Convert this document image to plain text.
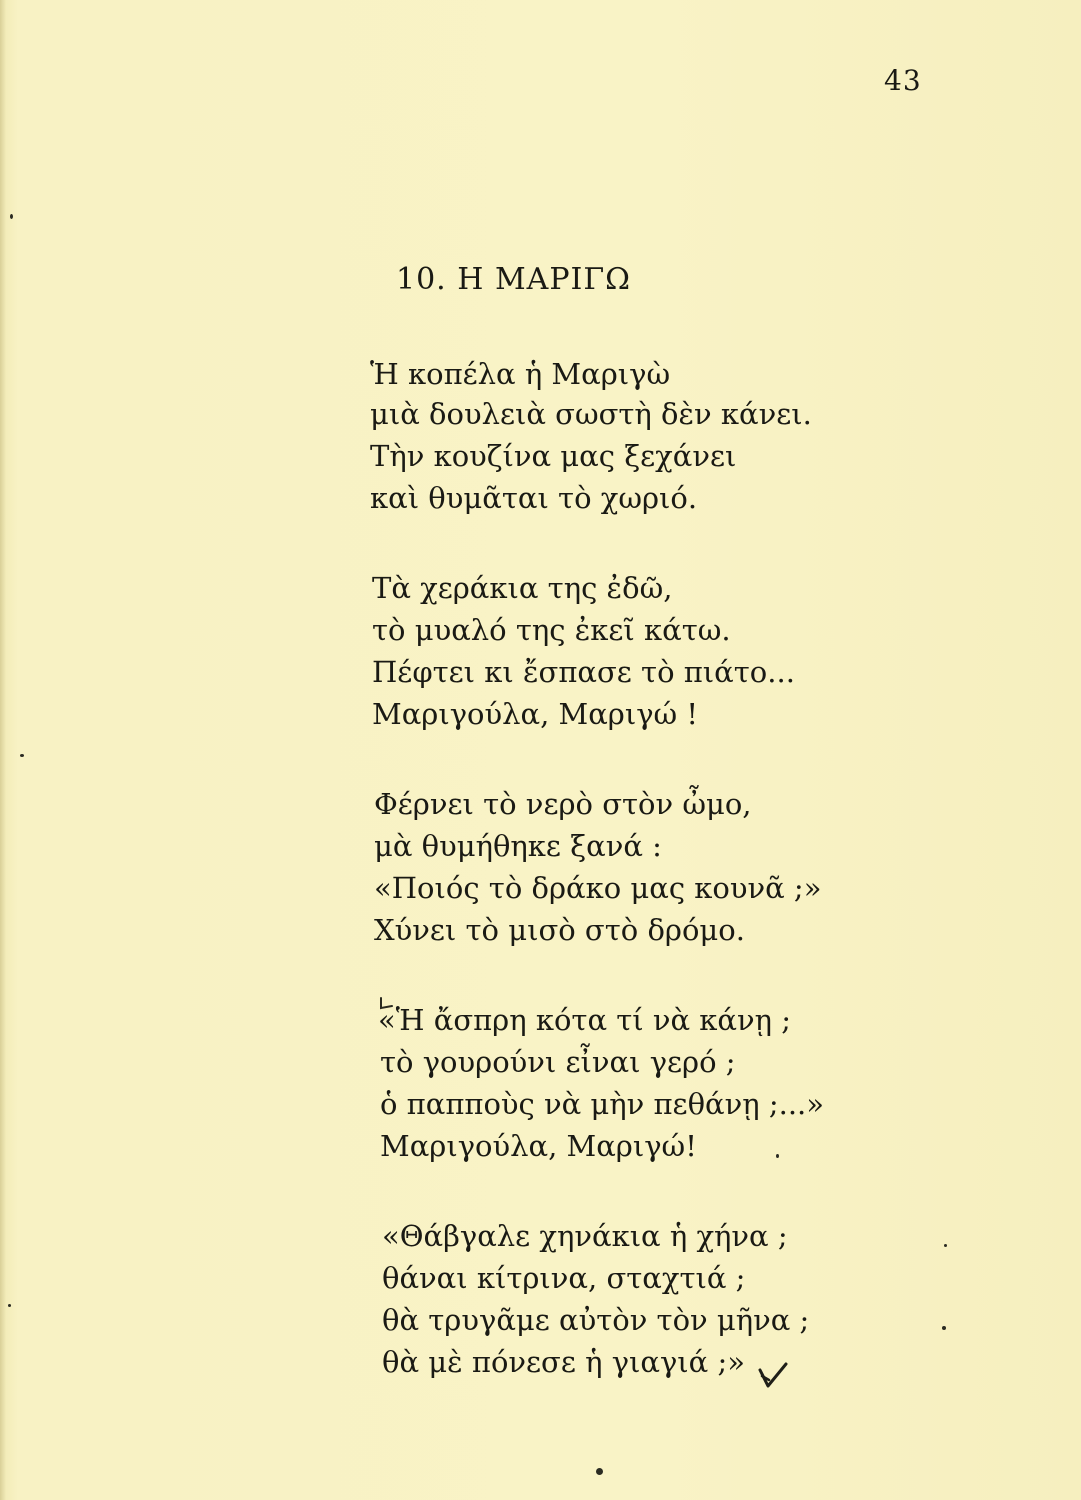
43
10. Η ΜΑΡΙΓΩ
Ἡ κοπέλα ἡ Μαριγὼ
μιὰ δουλειὰ σωστὴ δὲν κάνει.
Τὴν κουζίνα μας ξεχάνει
καὶ θυμᾶται τὸ χωριό.
Τὰ χεράκια της ἐδῶ,
τὸ μυαλό της ἐκεῖ κάτω.
Πέφτει κι ἔσπασε τὸ πιάτο...
Μαριγούλα, Μαριγώ !
Φέρνει τὸ νερὸ στὸν ὦμο,
μὰ θυμήθηκε ξανά :
«Ποιός τὸ δράκο μας κουνᾶ ;»
Χύνει τὸ μισὸ στὸ δρόμο.
«Ἡ ἄσπρη κότα τί νὰ κάνῃ ;
τὸ γουρούνι εἶναι γερό ;
ὁ παπποὺς νὰ μὴν πεθάνῃ ;...»
Μαριγούλα, Μαριγώ!
«Θάβγαλε χηνάκια ἡ χήνα ;
θάναι κίτρινα, σταχτιά ;
θὰ τρυγᾶμε αὐτὸν τὸν μῆνα ;
θὰ μὲ πόνεσε ἡ γιαγιά ;»
